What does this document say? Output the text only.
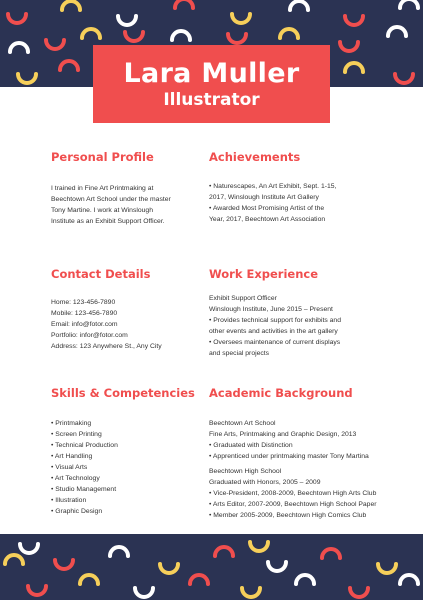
Lara Muller
Illustrator
Personal Profile
I trained in Fine Art Printmaking at
Beechtown Art School under the master
Tony Martine. I work at Winslough
Institute as an Exhibit Support Officer.
Achievements
• Naturescapes, An Art Exhibit, Sept. 1-15,
2017, Winslough Institute Art Gallery
• Awarded Most Promising Artist of the
Year, 2017, Beechtown Art Association
Contact Details
Home: 123-456-7890
Mobile: 123-456-7890
Email: info@fotor.com
Portfolio: infor@fotor.com
Address: 123 Anywhere St., Any City
Work Experience
Exhibit Support Officer
Winslough Institute, June 2015 – Present
• Provides technical support for exhibits and
other events and activities in the art gallery
• Oversees maintenance of current displays
and special projects
Skills & Competencies
• Printmaking
• Screen Printing
• Technical Production
• Art Handling
• Visual Arts
• Art Technology
• Studio Management
• Illustration
• Graphic Design
Academic Background
Beechtown Art School
Fine Arts, Printmaking and Graphic Design, 2013
• Graduated with Distinction
• Apprenticed under printmaking master Tony Martina
Beechtown High School
Graduated with Honors, 2005 – 2009
• Vice-President, 2008-2009, Beechtown High Arts Club
• Arts Editor, 2007-2009, Beechtown High School Paper
• Member 2005-2009, Beechtown High Comics Club
